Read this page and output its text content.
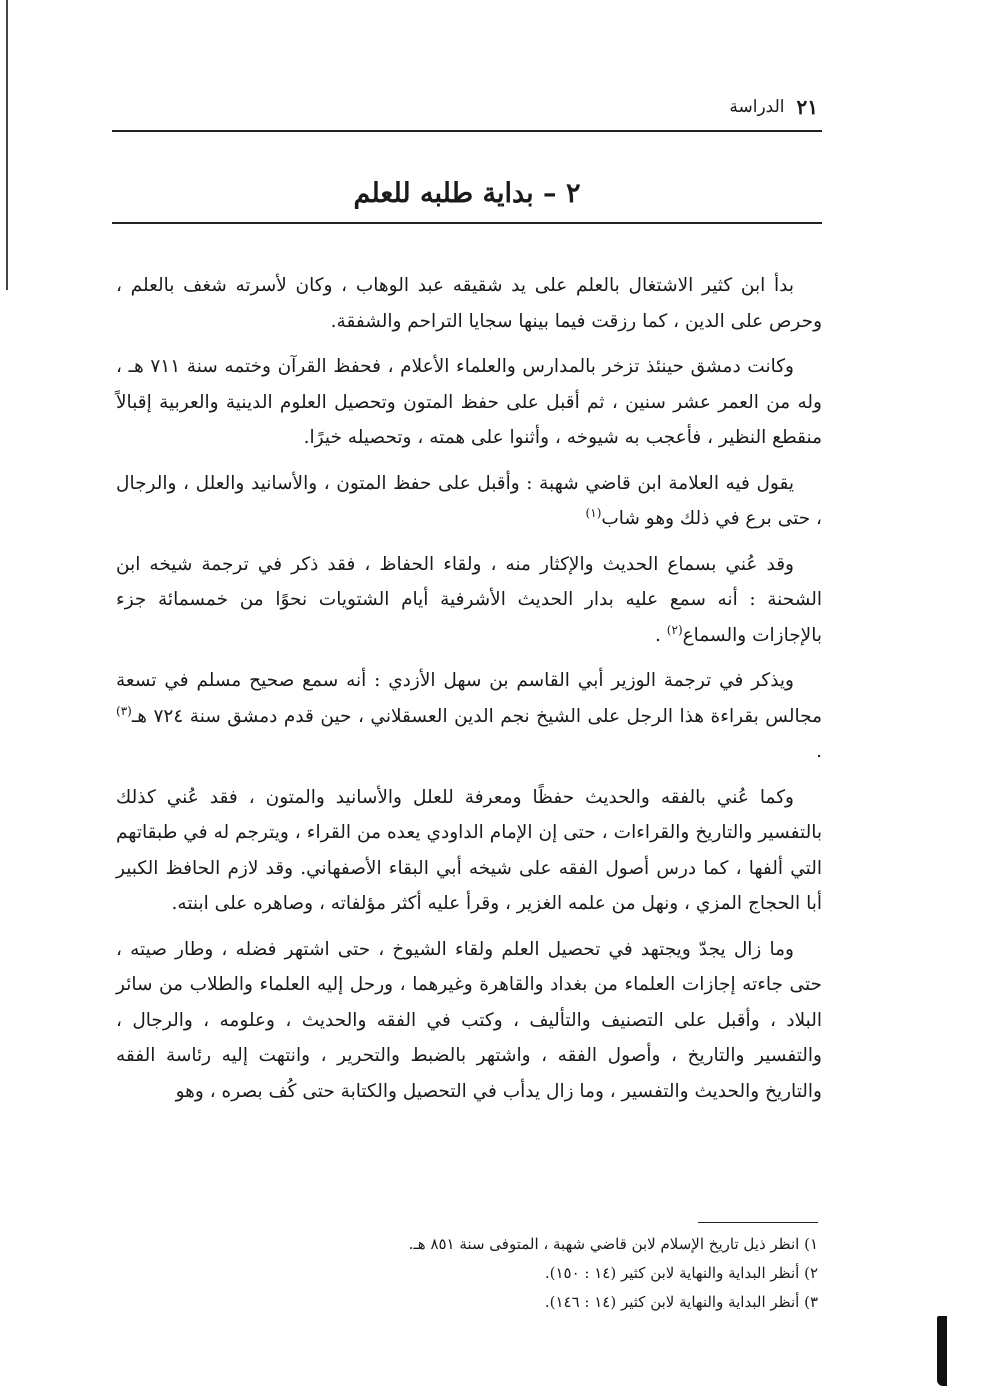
٢١
الدراسة
٢ – بداية طلبه للعلم

بدأ ابن كثير الاشتغال بالعلم على يد شقيقه عبد الوهاب ، وكان لأسرته شغف بالعلم ، وحرص على الدين ، كما رزقت فيما بينها سجايا التراحم والشفقة.

وكانت دمشق حينئذ تزخر بالمدارس والعلماء الأعلام ، فحفظ القرآن وختمه سنة ٧١١ هـ ، وله من العمر عشر سنين ، ثم أقبل على حفظ المتون وتحصيل العلوم الدينية والعربية إقبالاً منقطع النظير ، فأعجب به شيوخه ، وأثنوا على همته ، وتحصيله خيرًا.

يقول فيه العلامة ابن قاضي شهبة : وأقبل على حفظ المتون ، والأسانيد والعلل ، والرجال ، حتى برع في ذلك وهو شاب$^{(١)}$

وقد عُني بسماع الحديث والإكثار منه ، ولقاء الحفاظ ، فقد ذكر في ترجمة شيخه ابن الشحنة : أنه سمع عليه بدار الحديث الأشرفية أيام الشتويات نحوًا من خمسمائة جزء بالإجازات والسماع$^{(٢)}$ .

ويذكر في ترجمة الوزير أبي القاسم بن سهل الأزدي : أنه سمع صحيح مسلم في تسعة مجالس بقراءة هذا الرجل على الشيخ نجم الدين العسقلاني ، حين قدم دمشق سنة ٧٢٤ هـ$^{(٣)}$ .

وكما عُني بالفقه والحديث حفظًا ومعرفة للعلل والأسانيد والمتون ، فقد عُني كذلك بالتفسير والتاريخ والقراءات ، حتى إن الإمام الداودي يعده من القراء ، ويترجم له في طبقاتهم التي ألفها ، كما درس أصول الفقه على شيخه أبي البقاء الأصفهاني. وقد لازم الحافظ الكبير أبا الحجاج المزي ، ونهل من علمه الغزير ، وقرأ عليه أكثر مؤلفاته ، وصاهره على ابنته.

وما زال يجدّ ويجتهد في تحصيل العلم ولقاء الشيوخ ، حتى اشتهر فضله ، وطار صيته ، حتى جاءته إجازات العلماء من بغداد والقاهرة وغيرهما ، ورحل إليه العلماء والطلاب من سائر البلاد ، وأقبل على التصنيف والتأليف ، وكتب في الفقه والحديث ، وعلومه ، والرجال ، والتفسير والتاريخ ، وأصول الفقه ، واشتهر بالضبط والتحرير ، وانتهت إليه رئاسة الفقه والتاريخ والحديث والتفسير ، وما زال يدأب في التحصيل والكتابة حتى كُف بصره ، وهو

١) انظر ذيل تاريخ الإسلام لابن قاضي شهبة ، المتوفى سنة ٨٥١ هـ.
٢) أنظر البداية والنهاية لابن كثير (١٤ : ١٥٠).
٣) أنظر البداية والنهاية لابن كثير (١٤ : ١٤٦).
